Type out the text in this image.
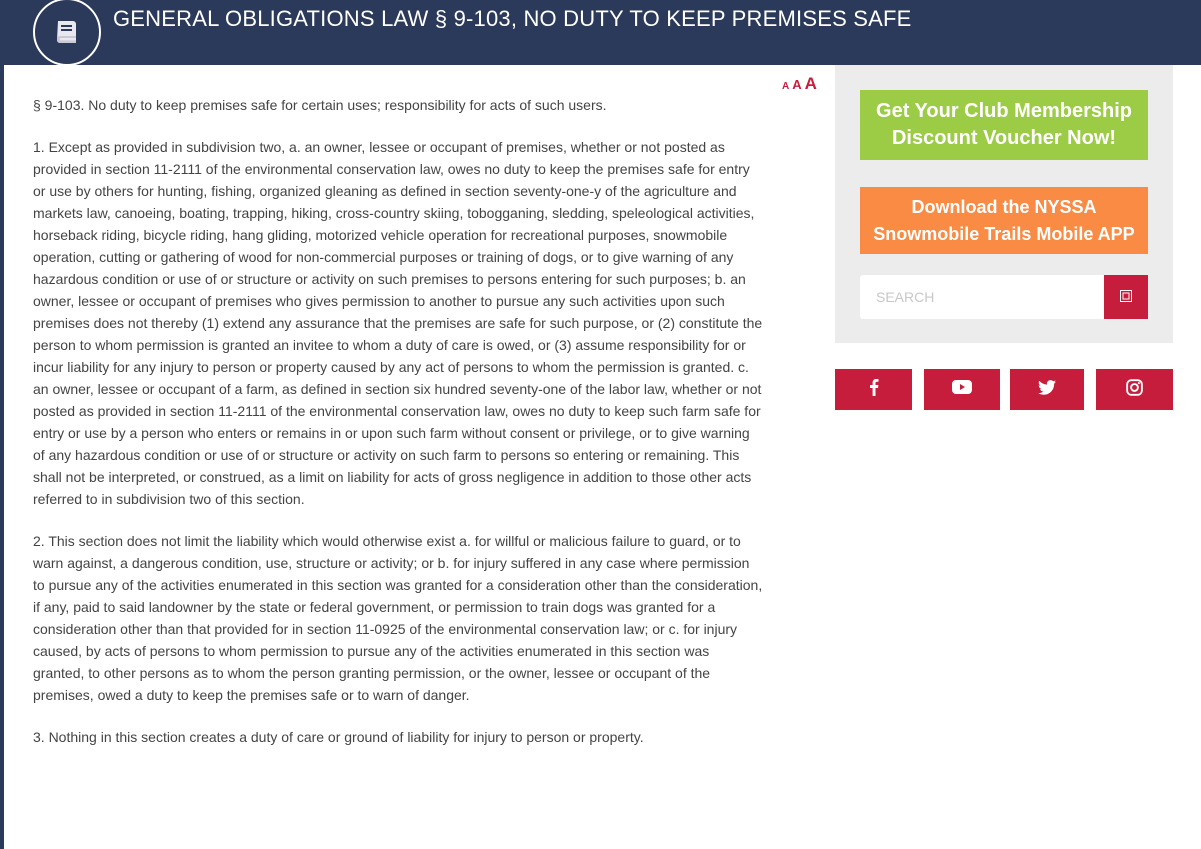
GENERAL OBLIGATIONS LAW § 9-103, NO DUTY TO KEEP PREMISES SAFE
A A A

§ 9-103. No duty to keep premises safe for certain uses; responsibility for acts of such users.

1. Except as provided in subdivision two, a. an owner, lessee or occupant of premises, whether or not posted as provided in section 11-2111 of the environmental conservation law, owes no duty to keep the premises safe for entry or use by others for hunting, fishing, organized gleaning as defined in section seventy-one-y of the agriculture and markets law, canoeing, boating, trapping, hiking, cross-country skiing, tobogganing, sledding, speleological activities, horseback riding, bicycle riding, hang gliding, motorized vehicle operation for recreational purposes, snowmobile operation, cutting or gathering of wood for non-commercial purposes or training of dogs, or to give warning of any hazardous condition or use of or structure or activity on such premises to persons entering for such purposes; b. an owner, lessee or occupant of premises who gives permission to another to pursue any such activities upon such premises does not thereby (1) extend any assurance that the premises are safe for such purpose, or (2) constitute the person to whom permission is granted an invitee to whom a duty of care is owed, or (3) assume responsibility for or incur liability for any injury to person or property caused by any act of persons to whom the permission is granted. c. an owner, lessee or occupant of a farm, as defined in section six hundred seventy-one of the labor law, whether or not posted as provided in section 11-2111 of the environmental conservation law, owes no duty to keep such farm safe for entry or use by a person who enters or remains in or upon such farm without consent or privilege, or to give warning of any hazardous condition or use of or structure or activity on such farm to persons so entering or remaining. This shall not be interpreted, or construed, as a limit on liability for acts of gross negligence in addition to those other acts referred to in subdivision two of this section.

2. This section does not limit the liability which would otherwise exist a. for willful or malicious failure to guard, or to warn against, a dangerous condition, use, structure or activity; or b. for injury suffered in any case where permission to pursue any of the activities enumerated in this section was granted for a consideration other than the consideration, if any, paid to said landowner by the state or federal government, or permission to train dogs was granted for a consideration other than that provided for in section 11-0925 of the environmental conservation law; or c. for injury caused, by acts of persons to whom permission to pursue any of the activities enumerated in this section was granted, to other persons as to whom the person granting permission, or the owner, lessee or occupant of the premises, owed a duty to keep the premises safe or to warn of danger.

3. Nothing in this section creates a duty of care or ground of liability for injury to person or property.

Get Your Club Membership
Discount Voucher Now!
Download the NYSSA
Snowmobile Trails Mobile APP
SEARCH
